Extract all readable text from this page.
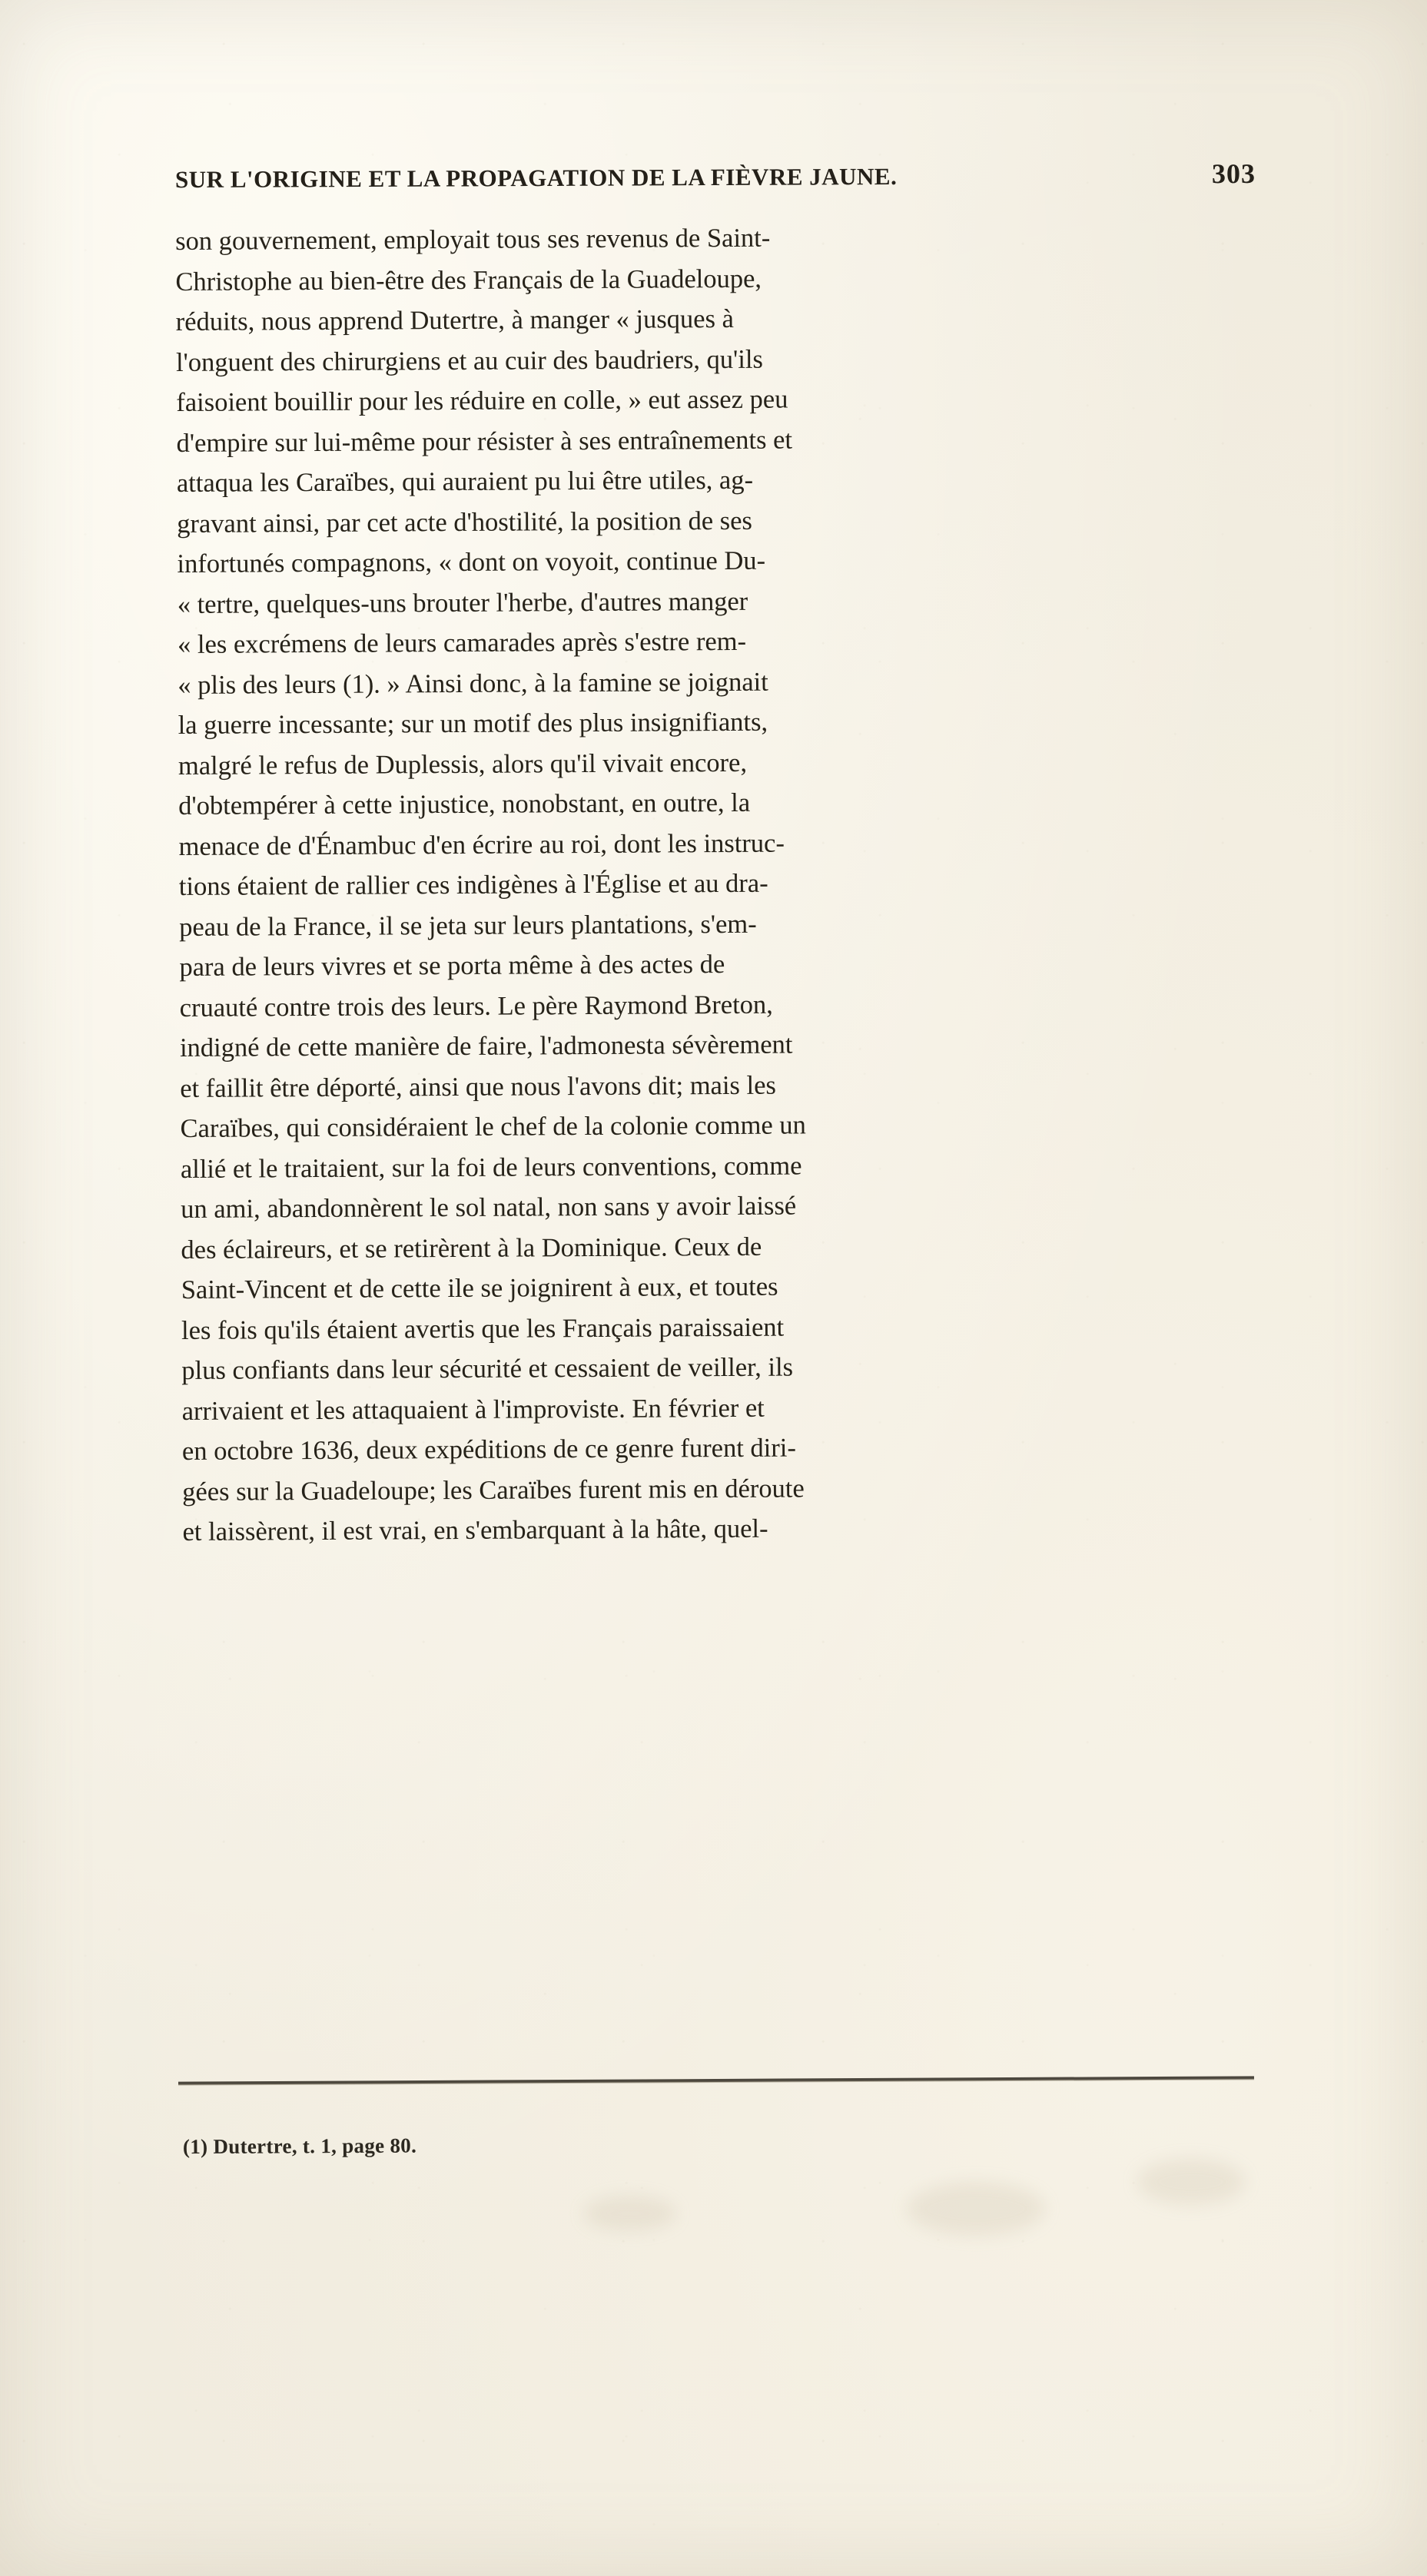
SUR L'ORIGINE ET LA PROPAGATION DE LA FIÈVRE JAUNE.	303

son gouvernement, employait tous ses revenus de Saint-
Christophe au bien-être des Français de la Guadeloupe,
réduits, nous apprend Dutertre, à manger « jusques à
l'onguent des chirurgiens et au cuir des baudriers, qu'ils
faisoient bouillir pour les réduire en colle, » eut assez peu
d'empire sur lui-même pour résister à ses entraînements et
attaqua les Caraïbes, qui auraient pu lui être utiles, ag-
gravant ainsi, par cet acte d'hostilité, la position de ses
infortunés compagnons, « dont on voyoit, continue Du-
« tertre, quelques-uns brouter l'herbe, d'autres manger
« les excrémens de leurs camarades après s'estre rem-
« plis des leurs (1). » Ainsi donc, à la famine se joignait
la guerre incessante; sur un motif des plus insignifiants,
malgré le refus de Duplessis, alors qu'il vivait encore,
d'obtempérer à cette injustice, nonobstant, en outre, la
menace de d'Énambuc d'en écrire au roi, dont les instruc-
tions étaient de rallier ces indigènes à l'Église et au dra-
peau de la France, il se jeta sur leurs plantations, s'em-
para de leurs vivres et se porta même à des actes de
cruauté contre trois des leurs. Le père Raymond Breton,
indigné de cette manière de faire, l'admonesta sévèrement
et faillit être déporté, ainsi que nous l'avons dit; mais les
Caraïbes, qui considéraient le chef de la colonie comme un
allié et le traitaient, sur la foi de leurs conventions, comme
un ami, abandonnèrent le sol natal, non sans y avoir laissé
des éclaireurs, et se retirèrent à la Dominique. Ceux de
Saint-Vincent et de cette ile se joignirent à eux, et toutes
les fois qu'ils étaient avertis que les Français paraissaient
plus confiants dans leur sécurité et cessaient de veiller, ils
arrivaient et les attaquaient à l'improviste. En février et
en octobre 1636, deux expéditions de ce genre furent diri-
gées sur la Guadeloupe; les Caraïbes furent mis en déroute
et laissèrent, il est vrai, en s'embarquant à la hâte, quel-

(1) Dutertre, t. 1, page 80.
